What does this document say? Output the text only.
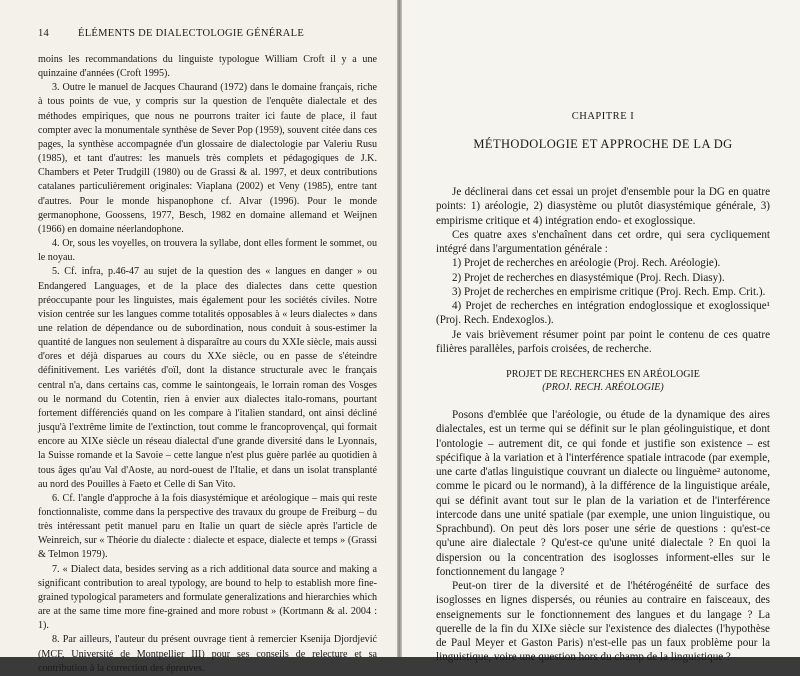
14	ÉLÉMENTS DE DIALECTOLOGIE GÉNÉRALE

moins les recommandations du linguiste typologue William Croft il y a une quinzaine d'années (Croft 1995).

3. Outre le manuel de Jacques Chaurand (1972) dans le domaine français, riche à tous points de vue, y compris sur la question de l'enquête dialectale et des méthodes empiriques, que nous ne pourrons traiter ici faute de place, il faut compter avec la monumentale synthèse de Sever Pop (1959), souvent citée dans ces pages, la synthèse accompagnée d'un glossaire de dialectologie par Valeriu Rusu (1985), et tant d'autres: les manuels très complets et pédagogiques de J.K. Chambers et Peter Trudgill (1980) ou de Grassi & al. 1997, et deux contributions catalanes particulièrement originales: Viaplana (2002) et Veny (1985), entre tant d'autres. Pour le monde hispanophone cf. Alvar (1996). Pour le monde germanophone, Goossens, 1977, Besch, 1982 en domaine allemand et Weijnen (1966) en domaine néerlandophone.

4. Or, sous les voyelles, on trouvera la syllabe, dont elles forment le sommet, ou le noyau.

5. Cf. infra, p.46-47 au sujet de la question des « langues en danger » ou Endangered Languages, et de la place des dialectes dans cette question préoccupante pour les linguistes, mais également pour les sociétés civiles. Notre vision centrée sur les langues comme totalités opposables à « leurs dialectes » dans une relation de dépendance ou de subordination, nous conduit à sous-estimer la quantité de langues non seulement à disparaître au cours du XXIe siècle, mais aussi d'ores et déjà disparues au cours du XXe siècle, ou en passe de s'éteindre définitivement. Les variétés d'oïl, dont la distance structurale avec le français central n'a, dans certains cas, comme le saintongeais, le lorrain roman des Vosges ou le normand du Cotentin, rien à envier aux dialectes italo-romans, pourtant fortement différenciés quand on les compare à l'italien standard, ont ainsi décliné jusqu'à l'extrême limite de l'extinction, tout comme le francoprovençal, qui formait encore au XIXe siècle un réseau dialectal d'une grande diversité dans le Lyonnais, la Suisse romande et la Savoie – cette langue n'est plus guère parlée au quotidien à tous âges qu'au Val d'Aoste, au nord-ouest de l'Italie, et dans un isolat transplanté au nord des Pouilles à Faeto et Celle di San Vito.

6. Cf. l'angle d'approche à la fois diasystémique et aréologique – mais qui reste fonctionnaliste, comme dans la perspective des travaux du groupe de Freiburg – du très intéressant petit manuel paru en Italie un quart de siècle après l'article de Weinreich, sur « Théorie du dialecte : dialecte et espace, dialecte et temps » (Grassi & Telmon 1979).

7. « Dialect data, besides serving as a rich additional data source and making a significant contribution to areal typology, are bound to help to establish more fine-grained typological parameters and formulate generalizations and hierarchies which are at the same time more fine-grained and more robust » (Kortmann & al. 2004 : 1).

8. Par ailleurs, l'auteur du présent ouvrage tient à remercier Ksenija Djordjević (MCF, Université de Montpellier III) pour ses conseils de relecture et sa contribution à la correction des épreuves.

CHAPITRE I
MÉTHODOLOGIE ET APPROCHE DE LA DG

Je déclinerai dans cet essai un projet d'ensemble pour la DG en quatre points: 1) aréologie, 2) diasystème ou plutôt diasystémique générale, 3) empirisme critique et 4) intégration endo- et exoglossique.

Ces quatre axes s'enchaînent dans cet ordre, qui sera cycliquement intégré dans l'argumentation générale :

1) Projet de recherches en aréologie (Proj. Rech. Aréologie).

2) Projet de recherches en diasystémique (Proj. Rech. Diasy).

3) Projet de recherches en empirisme critique (Proj. Rech. Emp. Crit.).

4) Projet de recherches en intégration endoglossique et exoglossique¹ (Proj. Rech. Endexoglos.).

Je vais brièvement résumer point par point le contenu de ces quatre filières parallèles, parfois croisées, de recherche.

PROJET DE RECHERCHES EN ARÉOLOGIE
(PROJ. RECH. ARÉOLOGIE)

Posons d'emblée que l'aréologie, ou étude de la dynamique des aires dialectales, est un terme qui se définit sur le plan géolinguistique, et dont l'ontologie – autrement dit, ce qui fonde et justifie son existence – est spécifique à la variation et à l'interférence spatiale intracode (par exemple, une carte d'atlas linguistique couvrant un dialecte ou linguème² autonome, comme le picard ou le normand), à la différence de la linguistique aréale, qui se définit avant tout sur le plan de la variation et de l'interférence intercode dans une unité spatiale (par exemple, une union linguistique, ou Sprachbund). On peut dès lors poser une série de questions : qu'est-ce qu'une aire dialectale ? Qu'est-ce qu'une unité dialectale ? En quoi la dispersion ou la concentration des isoglosses informent-elles sur le fonctionnement du langage ?

Peut-on tirer de la diversité et de l'hétérogénéité de surface des isoglosses en lignes dispersés, ou réunies au contraire en faisceaux, des enseignements sur le fonctionnement des langues et du langage ? La querelle de la fin du XIXe siècle sur l'existence des dialectes (l'hypothèse de Paul Meyer et Gaston Paris) n'est-elle pas un faux problème pour la linguistique, voire une question hors du champ de la linguistique ?
